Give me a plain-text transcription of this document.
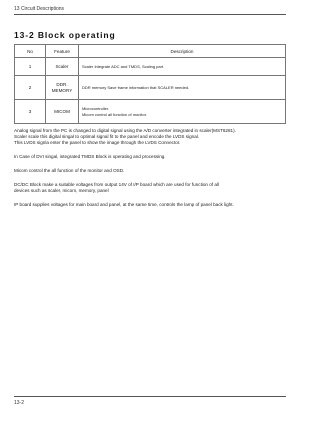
13 Circuit Descriptions
13-2 Block operating
No	Feature	Description
1	Scaler	Scaler Integrate ADC and TMDS, Scaling part.
2	DDR. MEMORY	DDR memory Save frame information that SCALER needed.
3	MICOM	Microcontroller.
Micom control all function of monitor.
Analog signal from the PC is changed to digital signal using the A/D converter integrated in scaler(MST6281).
Scaler scale this digital singal to optimal signal fit to the panel and encode the LVDS signal.
This LVDS signla enter the panel to show the image through the LVDS Connector.
In Case of DVI singal, integrated TMDS Block is operating and processing.
Micom control the all function of the monitor and OSD.
DC/DC Block make a suitable voltages from output 14V of I/P board which are used for function of all
devices such as scaler, micom, memory, panel
IP board supplies voltages for main board and panel, at the same time, controls the lamp of panel back light.
13-2
